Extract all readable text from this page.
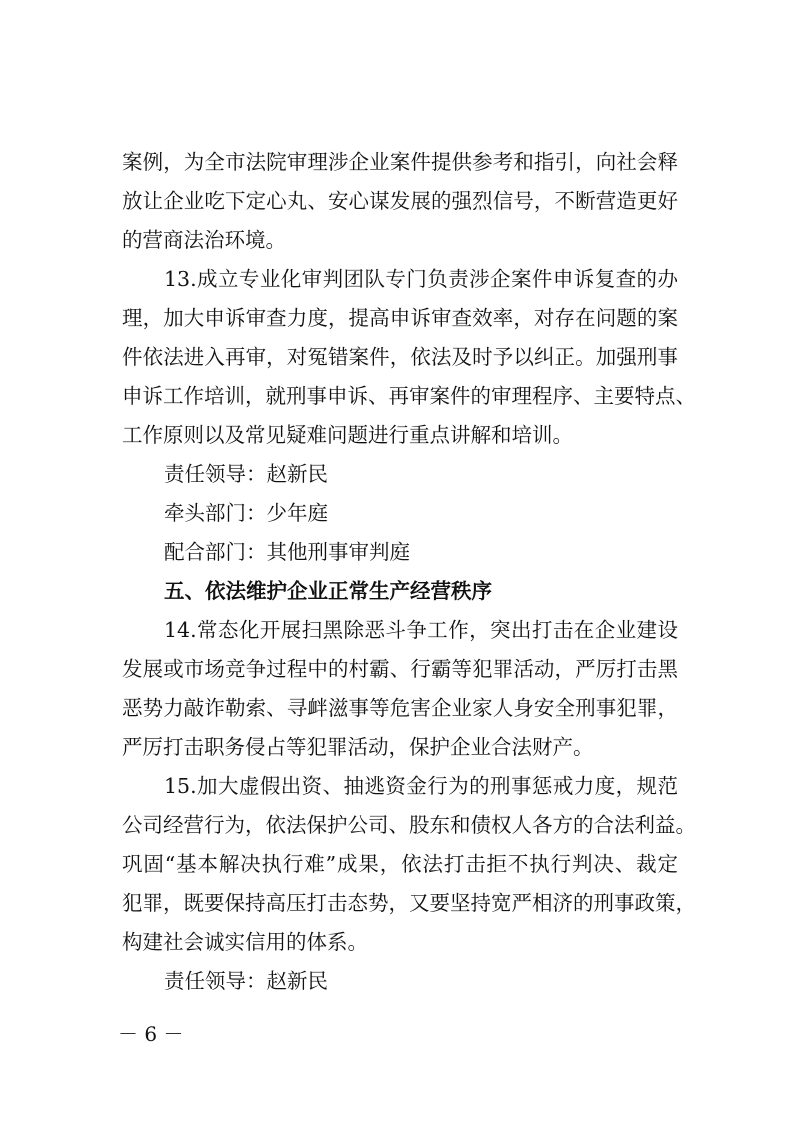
案例，为全市法院审理涉企业案件提供参考和指引，向社会释
放让企业吃下定心丸、安心谋发展的强烈信号，不断营造更好
的营商法治环境。
13.成立专业化审判团队专门负责涉企案件申诉复查的办
理，加大申诉审查力度，提高申诉审查效率，对存在问题的案
件依法进入再审，对冤错案件，依法及时予以纠正。加强刑事
申诉工作培训，就刑事申诉、再审案件的审理程序、主要特点、
工作原则以及常见疑难问题进行重点讲解和培训。
责任领导：赵新民
牵头部门：少年庭
配合部门：其他刑事审判庭
五、依法维护企业正常生产经营秩序
14.常态化开展扫黑除恶斗争工作，突出打击在企业建设
发展或市场竞争过程中的村霸、行霸等犯罪活动，严厉打击黑
恶势力敲诈勒索、寻衅滋事等危害企业家人身安全刑事犯罪，
严厉打击职务侵占等犯罪活动，保护企业合法财产。
15.加大虚假出资、抽逃资金行为的刑事惩戒力度，规范
公司经营行为，依法保护公司、股东和债权人各方的合法利益。
巩固“基本解决执行难”成果，依法打击拒不执行判决、裁定
犯罪，既要保持高压打击态势，又要坚持宽严相济的刑事政策，
构建社会诚实信用的体系。
责任领导：赵新民
－ 6 －
